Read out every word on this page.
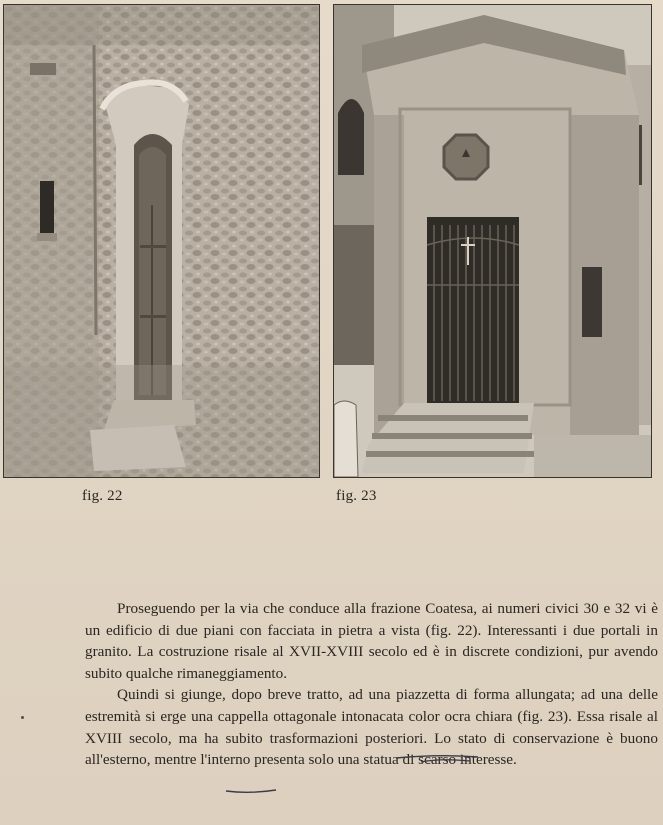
fig. 22	fig. 23

Proseguendo per la via che conduce alla frazione Coatesa, ai numeri civici 30 e 32 vi è un edificio di due piani con facciata in pietra a vista (fig. 22). Interessanti i due portali in granito. La costruzione risale al XVII-XVIII secolo ed è in discrete condizioni, pur avendo subito qualche rimaneggiamento.

Quindi si giunge, dopo breve tratto, ad una piazzetta di forma allungata; ad una delle estremità si erge una cappella ottagonale intonacata color ocra chiara (fig. 23). Essa risale al XVIII secolo, ma ha subito trasformazioni posteriori. Lo stato di conservazione è buono all'esterno, mentre l'interno presenta solo una statua di scarso interesse.
